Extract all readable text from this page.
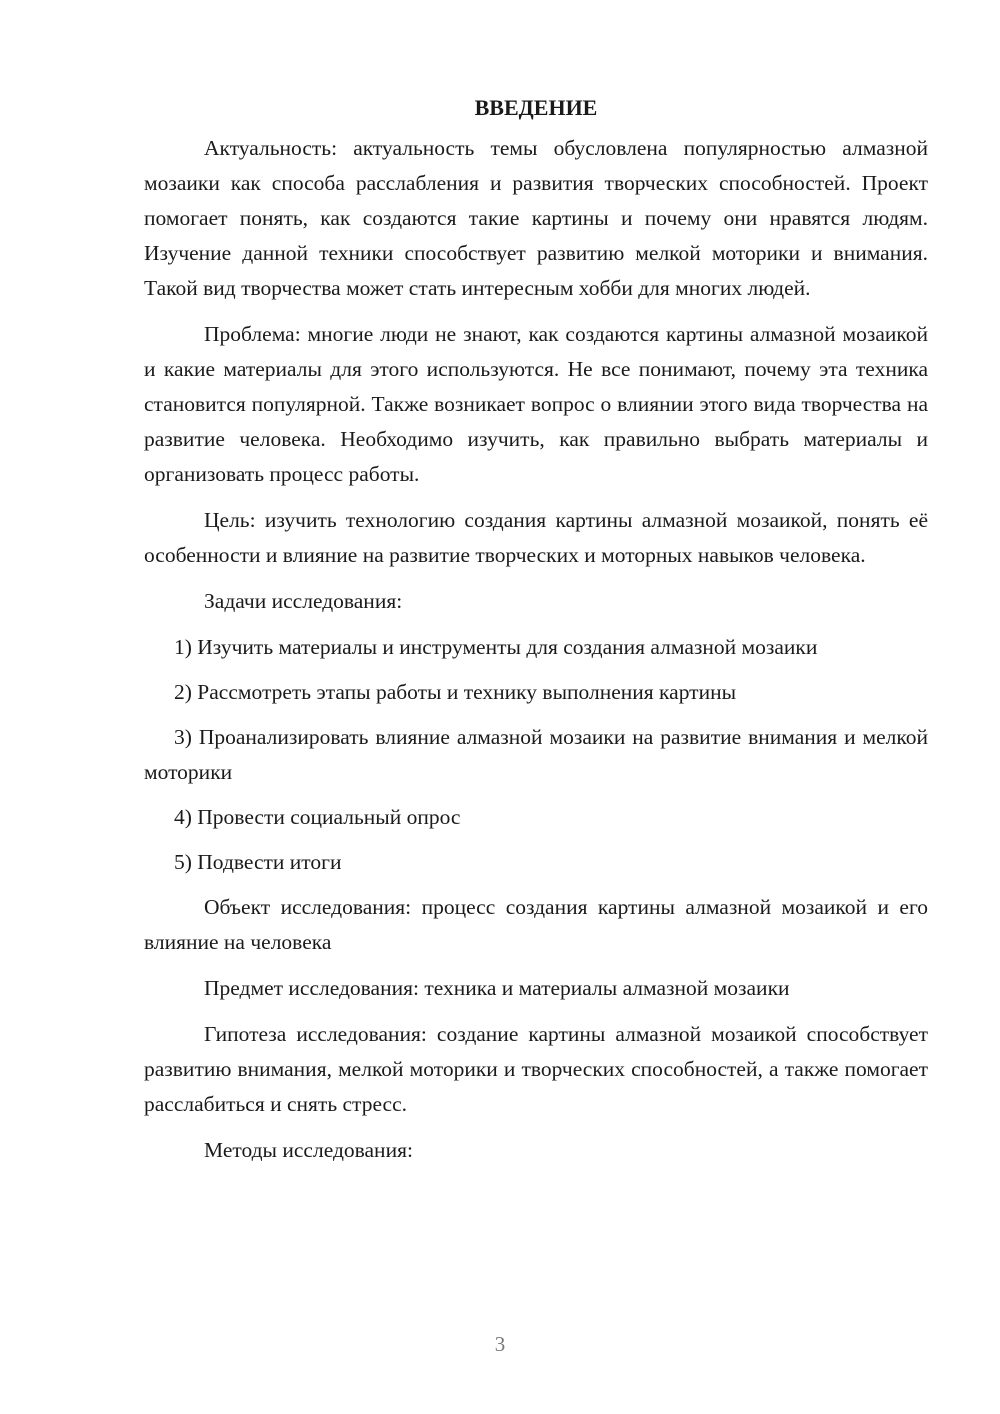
ВВЕДЕНИЕ
Актуальность: актуальность темы обусловлена популярностью алмазной мозаики как способа расслабления и развития творческих способностей. Проект помогает понять, как создаются такие картины и почему они нравятся людям. Изучение данной техники способствует развитию мелкой моторики и внимания. Такой вид творчества может стать интересным хобби для многих людей.
Проблема: многие люди не знают, как создаются картины алмазной мозаикой и какие материалы для этого используются. Не все понимают, почему эта техника становится популярной. Также возникает вопрос о влиянии этого вида творчества на развитие человека. Необходимо изучить, как правильно выбрать материалы и организовать процесс работы.
Цель: изучить технологию создания картины алмазной мозаикой, понять её особенности и влияние на развитие творческих и моторных навыков человека.
Задачи исследования:
1) Изучить материалы и инструменты для создания алмазной мозаики
2) Рассмотреть этапы работы и технику выполнения картины
3) Проанализировать влияние алмазной мозаики на развитие внимания и мелкой моторики
4) Провести социальный опрос
5) Подвести итоги
Объект исследования: процесс создания картины алмазной мозаикой и его влияние на человека
Предмет исследования: техника и материалы алмазной мозаики
Гипотеза исследования: создание картины алмазной мозаикой способствует развитию внимания, мелкой моторики и творческих способностей, а также помогает расслабиться и снять стресс.
Методы исследования:
3
